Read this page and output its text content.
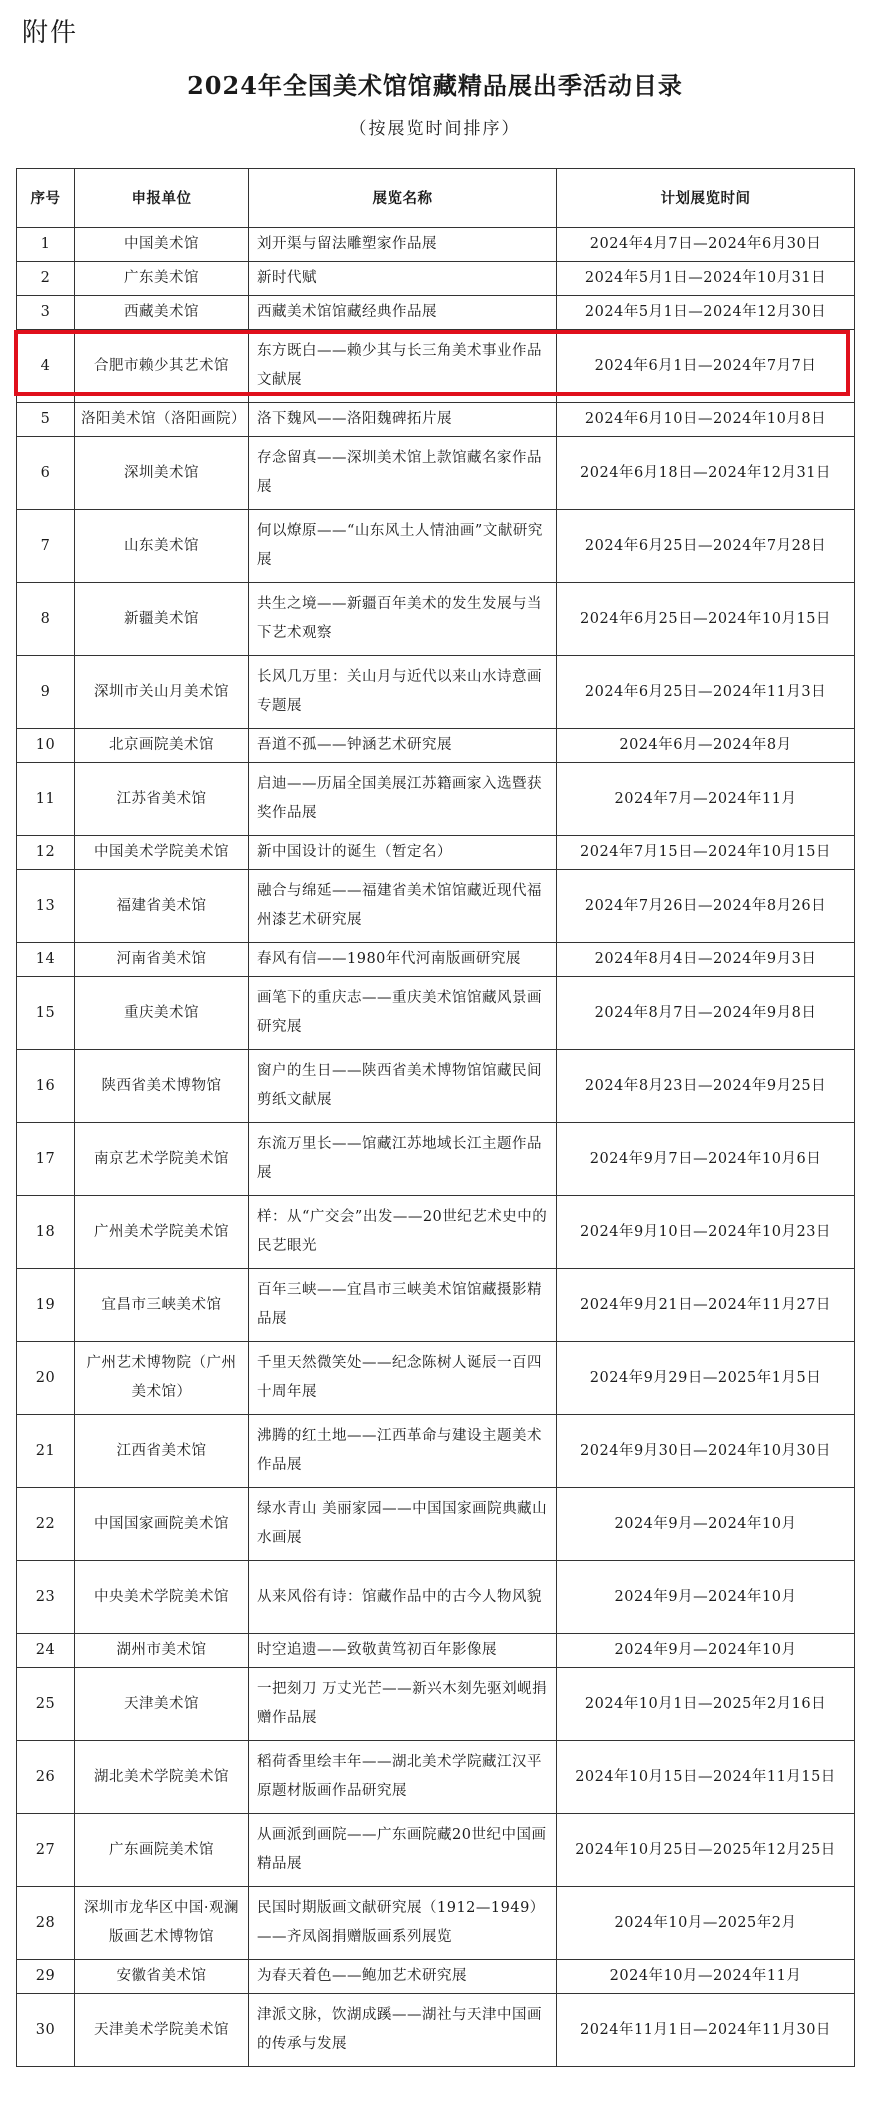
附件
2024年全国美术馆馆藏精品展出季活动目录
（按展览时间排序）
序号	申报单位	展览名称	计划展览时间
1	中国美术馆	刘开渠与留法雕塑家作品展	2024年4月7日—2024年6月30日
2	广东美术馆	新时代赋	2024年5月1日—2024年10月31日
3	西藏美术馆	西藏美术馆馆藏经典作品展	2024年5月1日—2024年12月30日
4	合肥市赖少其艺术馆	东方既白——赖少其与长三角美术事业作品文献展	2024年6月1日—2024年7月7日
5	洛阳美术馆（洛阳画院）	洛下魏风——洛阳魏碑拓片展	2024年6月10日—2024年10月8日
6	深圳美术馆	存念留真——深圳美术馆上款馆藏名家作品展	2024年6月18日—2024年12月31日
7	山东美术馆	何以燎原——“山东风土人情油画”文献研究展	2024年6月25日—2024年7月28日
8	新疆美术馆	共生之境——新疆百年美术的发生发展与当下艺术观察	2024年6月25日—2024年10月15日
9	深圳市关山月美术馆	长风几万里：关山月与近代以来山水诗意画专题展	2024年6月25日—2024年11月3日
10	北京画院美术馆	吾道不孤——钟涵艺术研究展	2024年6月—2024年8月
11	江苏省美术馆	启迪——历届全国美展江苏籍画家入选暨获奖作品展	2024年7月—2024年11月
12	中国美术学院美术馆	新中国设计的诞生（暂定名）	2024年7月15日—2024年10月15日
13	福建省美术馆	融合与绵延——福建省美术馆馆藏近现代福州漆艺术研究展	2024年7月26日—2024年8月26日
14	河南省美术馆	春风有信——1980年代河南版画研究展	2024年8月4日—2024年9月3日
15	重庆美术馆	画笔下的重庆志——重庆美术馆馆藏风景画研究展	2024年8月7日—2024年9月8日
16	陕西省美术博物馆	窗户的生日——陕西省美术博物馆馆藏民间剪纸文献展	2024年8月23日—2024年9月25日
17	南京艺术学院美术馆	东流万里长——馆藏江苏地域长江主题作品展	2024年9月7日—2024年10月6日
18	广州美术学院美术馆	样：从“广交会”出发——20世纪艺术史中的民艺眼光	2024年9月10日—2024年10月23日
19	宜昌市三峡美术馆	百年三峡——宜昌市三峡美术馆馆藏摄影精品展	2024年9月21日—2024年11月27日
20	广州艺术博物院（广州美术馆）	千里天然微笑处——纪念陈树人诞辰一百四十周年展	2024年9月29日—2025年1月5日
21	江西省美术馆	沸腾的红土地——江西革命与建设主题美术作品展	2024年9月30日—2024年10月30日
22	中国国家画院美术馆	绿水青山 美丽家园——中国国家画院典藏山水画展	2024年9月—2024年10月
23	中央美术学院美术馆	从来风俗有诗：馆藏作品中的古今人物风貌	2024年9月—2024年10月
24	湖州市美术馆	时空追遗——致敬黄笃初百年影像展	2024年9月—2024年10月
25	天津美术馆	一把刻刀 万丈光芒——新兴木刻先驱刘岘捐赠作品展	2024年10月1日—2025年2月16日
26	湖北美术学院美术馆	稻荷香里绘丰年——湖北美术学院藏江汉平原题材版画作品研究展	2024年10月15日—2024年11月15日
27	广东画院美术馆	从画派到画院——广东画院藏20世纪中国画精品展	2024年10月25日—2025年12月25日
28	深圳市龙华区中国·观澜版画艺术博物馆	民国时期版画文献研究展（1912—1949）——齐凤阁捐赠版画系列展览	2024年10月—2025年2月
29	安徽省美术馆	为春天着色——鲍加艺术研究展	2024年10月—2024年11月
30	天津美术学院美术馆	津派文脉，饮湖成蹊——湖社与天津中国画的传承与发展	2024年11月1日—2024年11月30日
